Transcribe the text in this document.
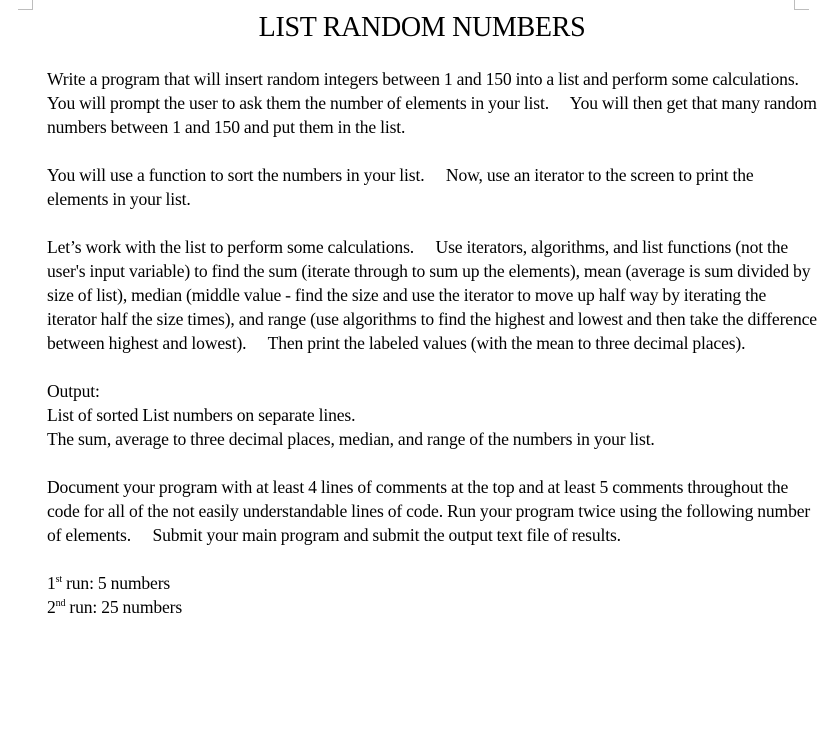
LIST RANDOM NUMBERS

Write a program that will insert random integers between 1 and 150 into a list and perform some calculations.  You will prompt the user to ask them the number of elements in your list.  You will then get that many random numbers between 1 and 150 and put them in the list.

You will use a function to sort the numbers in your list.  Now, use an iterator to the screen to print the elements in your list.

Let’s work with the list to perform some calculations.  Use iterators, algorithms, and list functions (not the user's input variable) to find the sum (iterate through to sum up the elements), mean (average is sum divided by size of list), median (middle value - find the size and use the iterator to move up half way by iterating the iterator half the size times), and range (use algorithms to find the highest and lowest and then take the difference between highest and lowest).  Then print the labeled values (with the mean to three decimal places).

Output:

List of sorted List numbers on separate lines.

The sum, average to three decimal places, median, and range of the numbers in your list.

Document your program with at least 4 lines of comments at the top and at least 5 comments throughout the code for all of the not easily understandable lines of code. Run your program twice using the following number of elements.  Submit your main program and submit the output text file of results.

1st run: 5 numbers

2nd run: 25 numbers
